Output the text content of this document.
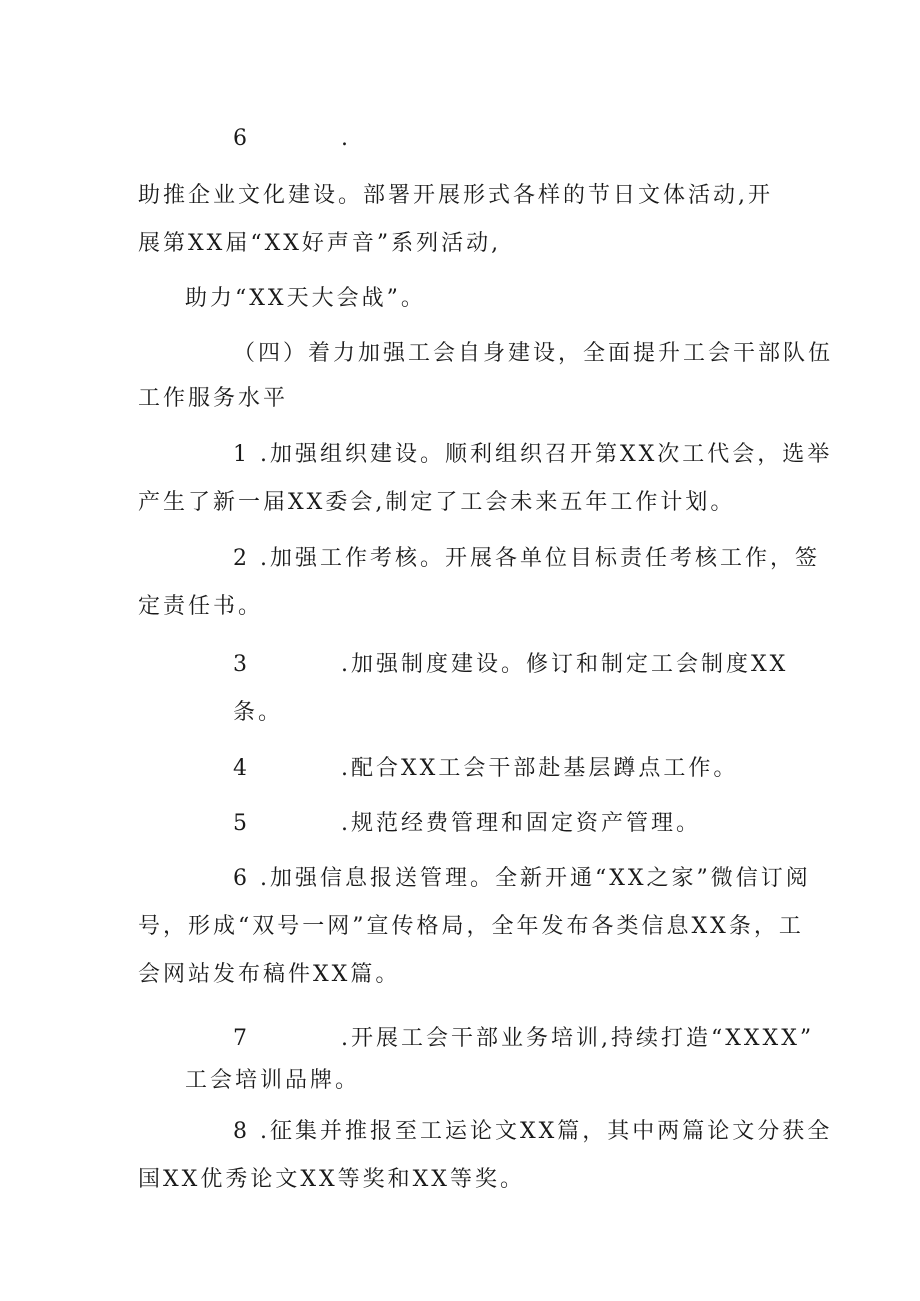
6	.

助推企业文化建设。部署开展形式各样的节日文体活动,开

展第XX届“XX好声音”系列活动,

助力“XX天大会战”。

（四）着力加强工会自身建设，全面提升工会干部队伍

工作服务水平

1 .加强组织建设。顺利组织召开第XX次工代会，选举

产生了新一届XX委会,制定了工会未来五年工作计划。

2 .加强工作考核。开展各单位目标责任考核工作，签

定责任书。

3	.加强制度建设。修订和制定工会制度XX

条。

4	.配合XX工会干部赴基层蹲点工作。

5	.规范经费管理和固定资产管理。

6 .加强信息报送管理。全新开通“XX之家”微信订阅

号，形成“双号一网”宣传格局，全年发布各类信息XX条，工

会网站发布稿件XX篇。

7	.开展工会干部业务培训,持续打造“XXXX”

工会培训品牌。

8 .征集并推报至工运论文XX篇，其中两篇论文分获全

国XX优秀论文XX等奖和XX等奖。
